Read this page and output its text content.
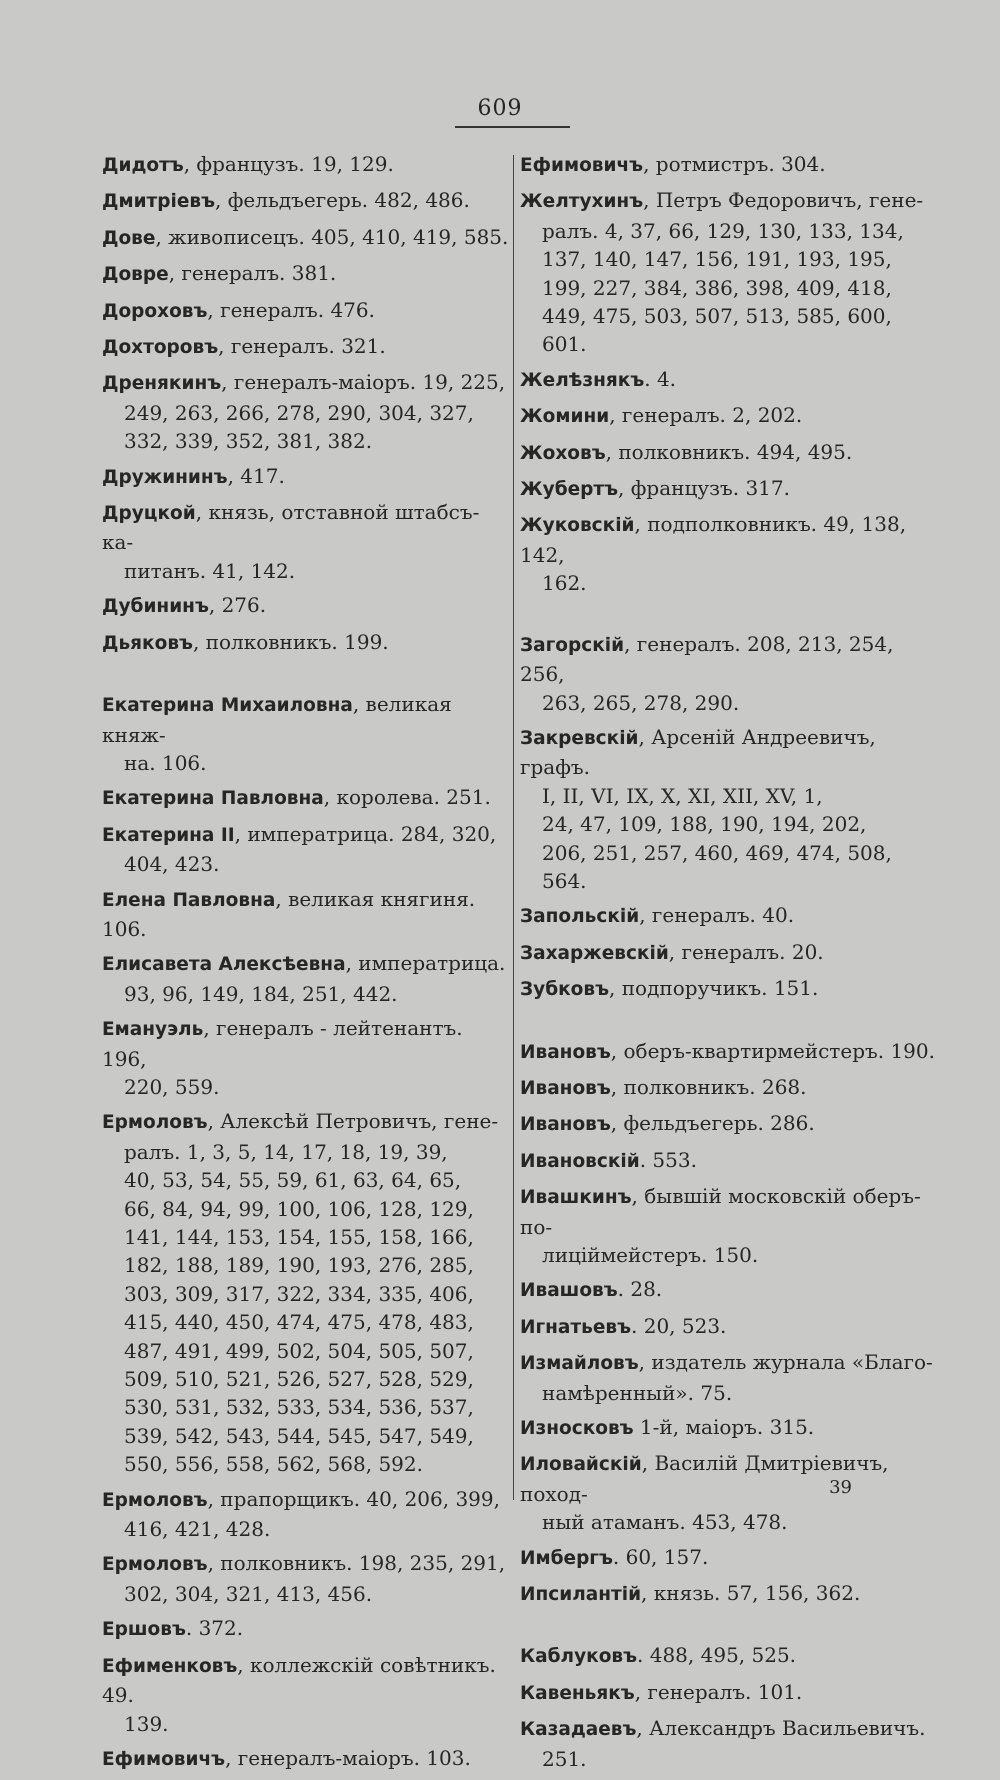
609
Дидотъ, французъ. 19, 129.
Дмитріевъ, фельдъегерь. 482, 486.
Дове, живописецъ. 405, 410, 419, 585.
Довре, генералъ. 381.
Дороховъ, генералъ. 476.
Дохторовъ, генералъ. 321.
Дренякинъ, генералъ-маіоръ. 19, 225,
249, 263, 266, 278, 290, 304, 327,
332, 339, 352, 381, 382.
Дружининъ, 417.
Друцкой, князь, отставной штабсъ-ка-
питанъ. 41, 142.
Дубининъ, 276.
Дьяковъ, полковникъ. 199.
Екатерина Михаиловна, великая княж-
на. 106.
Екатерина Павловна, королева. 251.
Екатерина II, императрица. 284, 320,
404, 423.
Елена Павловна, великая княгиня. 106.
Елисавета Алексѣевна, императрица.
93, 96, 149, 184, 251, 442.
Емануэль, генералъ - лейтенантъ. 196,
220, 559.
Ермоловъ, Алексѣй Петровичъ, гене-
ралъ. 1, 3, 5, 14, 17, 18, 19, 39,
40, 53, 54, 55, 59, 61, 63, 64, 65,
66, 84, 94, 99, 100, 106, 128, 129,
141, 144, 153, 154, 155, 158, 166,
182, 188, 189, 190, 193, 276, 285,
303, 309, 317, 322, 334, 335, 406,
415, 440, 450, 474, 475, 478, 483,
487, 491, 499, 502, 504, 505, 507,
509, 510, 521, 526, 527, 528, 529,
530, 531, 532, 533, 534, 536, 537,
539, 542, 543, 544, 545, 547, 549,
550, 556, 558, 562, 568, 592.
Ермоловъ, прапорщикъ. 40, 206, 399,
416, 421, 428.
Ермоловъ, полковникъ. 198, 235, 291,
302, 304, 321, 413, 456.
Ершовъ. 372.
Ефименковъ, коллежскій совѣтникъ. 49.
139.
Ефимовичъ, генералъ-маіоръ. 103.
Ефимовичъ, ротмистръ. 304.
Желтухинъ, Петръ Федоровичъ, гене-
ралъ. 4, 37, 66, 129, 130, 133, 134,
137, 140, 147, 156, 191, 193, 195,
199, 227, 384, 386, 398, 409, 418,
449, 475, 503, 507, 513, 585, 600,
601.
Желѣзнякъ. 4.
Жомини, генералъ. 2, 202.
Жоховъ, полковникъ. 494, 495.
Жубертъ, французъ. 317.
Жуковскій, подполковникъ. 49, 138, 142,
162.
Загорскій, генералъ. 208, 213, 254, 256,
263, 265, 278, 290.
Закревскій, Арсеній Андреевичъ, графъ.
I, II, VI, IX, X, XI, XII, XV, 1,
24, 47, 109, 188, 190, 194, 202,
206, 251, 257, 460, 469, 474, 508,
564.
Запольскій, генералъ. 40.
Захаржевскій, генералъ. 20.
Зубковъ, подпоручикъ. 151.
Ивановъ, оберъ-квартирмейстеръ. 190.
Ивановъ, полковникъ. 268.
Ивановъ, фельдъегерь. 286.
Ивановскій. 553.
Ивашкинъ, бывшій московскій оберъ-по-
лицiймейстеръ. 150.
Ивашовъ. 28.
Игнатьевъ. 20, 523.
Измайловъ, издатель журнала «Благо-
намѣренный». 75.
Износковъ 1-й, маіоръ. 315.
Иловайскій, Василій Дмитріевичъ, поход-
ный атаманъ. 453, 478.
Имбергъ. 60, 157.
Ипсилантій, князь. 57, 156, 362.
Каблуковъ. 488, 495, 525.
Кавеньякъ, генералъ. 101.
Казадаевъ, Александръ Васильевичъ.
251.
39
